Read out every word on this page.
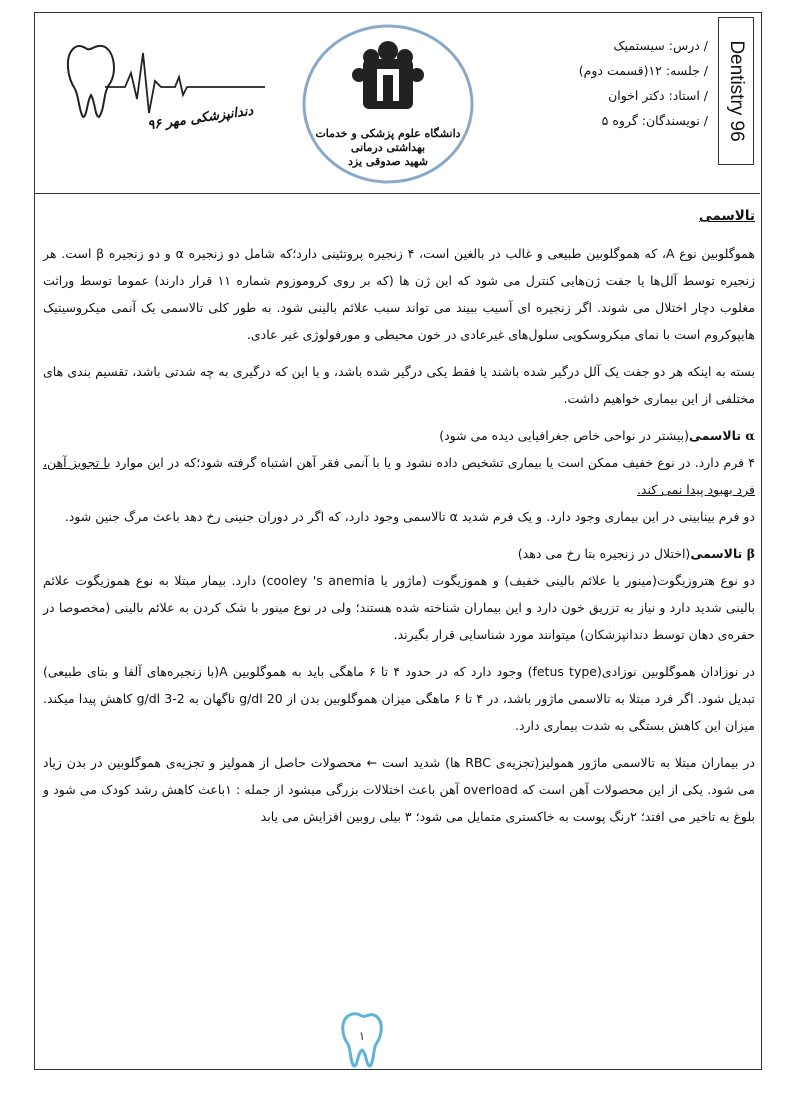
دندانپزشکی مهر ۹۶
دانشگاه علوم پزشکی و خدمات بهداشتی درمانی
شهید صدوقی یزد
/ درس: سیستمیک
/ جلسه: ۱۲(قسمت دوم)
/ استاد: دکتر اخوان
/ نویسندگان: گروه ۵ Dentistry 96

تالاسمی

هموگلوبین نوع A، که هموگلوبین طبیعی و غالب در بالغین است، ۴ زنجیره پروتئینی دارد؛که شامل دو زنجیره α و دو زنجیره β است. هر زنجیره توسط آلل‌ها یا جفت ژن‌هایی کنترل می شود که این ژن ها (که بر روی کروموزوم شماره ۱۱ قرار دارند) عموما توسط وراثت مغلوب دچار اختلال می شوند. اگر زنجیره ای آسیب ببیند می تواند سبب علائم بالینی شود. به طور کلی تالاسمی یک آنمی میکروسیتیک هایپوکروم است با نمای میکروسکوپی سلول‌های غیرعادی در خون محیطی و مورفولوژی غیر عادی.

بسته به اینکه هر دو جفت یک آلل درگیر شده باشند یا فقط یکی درگیر شده باشد، و یا این که درگیری به چه شدتی باشد، تقسیم بندی های مختلفی از این بیماری خواهیم داشت.

α تالاسمی(بیشتر در نواحی خاص جغرافیایی دیده می شود)

۴ فرم دارد. در نوع خفیف ممکن است یا بیماری تشخیص داده نشود و یا با آنمی فقر آهن اشتباه گرفته شود؛که در این موارد با تجویز آهن، فرد بهبود پیدا نمی کند.

دو فرم بینابینی در این بیماری وجود دارد. و یک فرم شدید α تالاسمی وجود دارد، که اگر در دوران جنینی رخ دهد باعث مرگ جنین شود.

β تالاسمی(اختلال در زنجیره بتا رخ می دهد)

دو نوع هتروزیگوت(مینور یا علائم بالینی خفیف) و هموزیگوت (ماژور یا cooley 's anemia) دارد. بیمار مبتلا به نوع هموزیگوت علائم بالینی شدید دارد و نیاز به تزریق خون دارد و این بیماران شناخته شده هستند؛ ولی در نوع مینور با شک کردن به علائم بالینی (مخصوصا در حفره‌ی دهان توسط دندانپزشکان) میتوانند مورد شناسایی قرار بگیرند.

در نوزادان هموگلوبین نوزادی(fetus type) وجود دارد که در حدود ۴ تا ۶ ماهگی باید به هموگلوبین A(با زنجیره‌های آلفا و بتای طبیعی) تبدیل شود. اگر فرد مبتلا به تالاسمی ماژور باشد، در ۴ تا ۶ ماهگی میزان هموگلوبین بدن از 20 g/dl ناگهان به 2-3 g/dl کاهش پیدا میکند. میزان این کاهش بستگی به شدت بیماری دارد.

در بیماران مبتلا به تالاسمی ماژور همولیز(تجزیه‌ی RBC ها) شدید است ← محصولات حاصل از همولیز و تجزیه‌ی هموگلوبین در بدن زیاد می شود. یکی از این محصولات آهن است که overload آهن باعث اختلالات بزرگی میشود از جمله : ۱باعث کاهش رشد کودک می شود و بلوغ به تاخیر می افتد؛ ۲رنگ پوست به خاکستری متمایل می شود؛ ۳ بیلی روبین افزایش می یابد

۱
